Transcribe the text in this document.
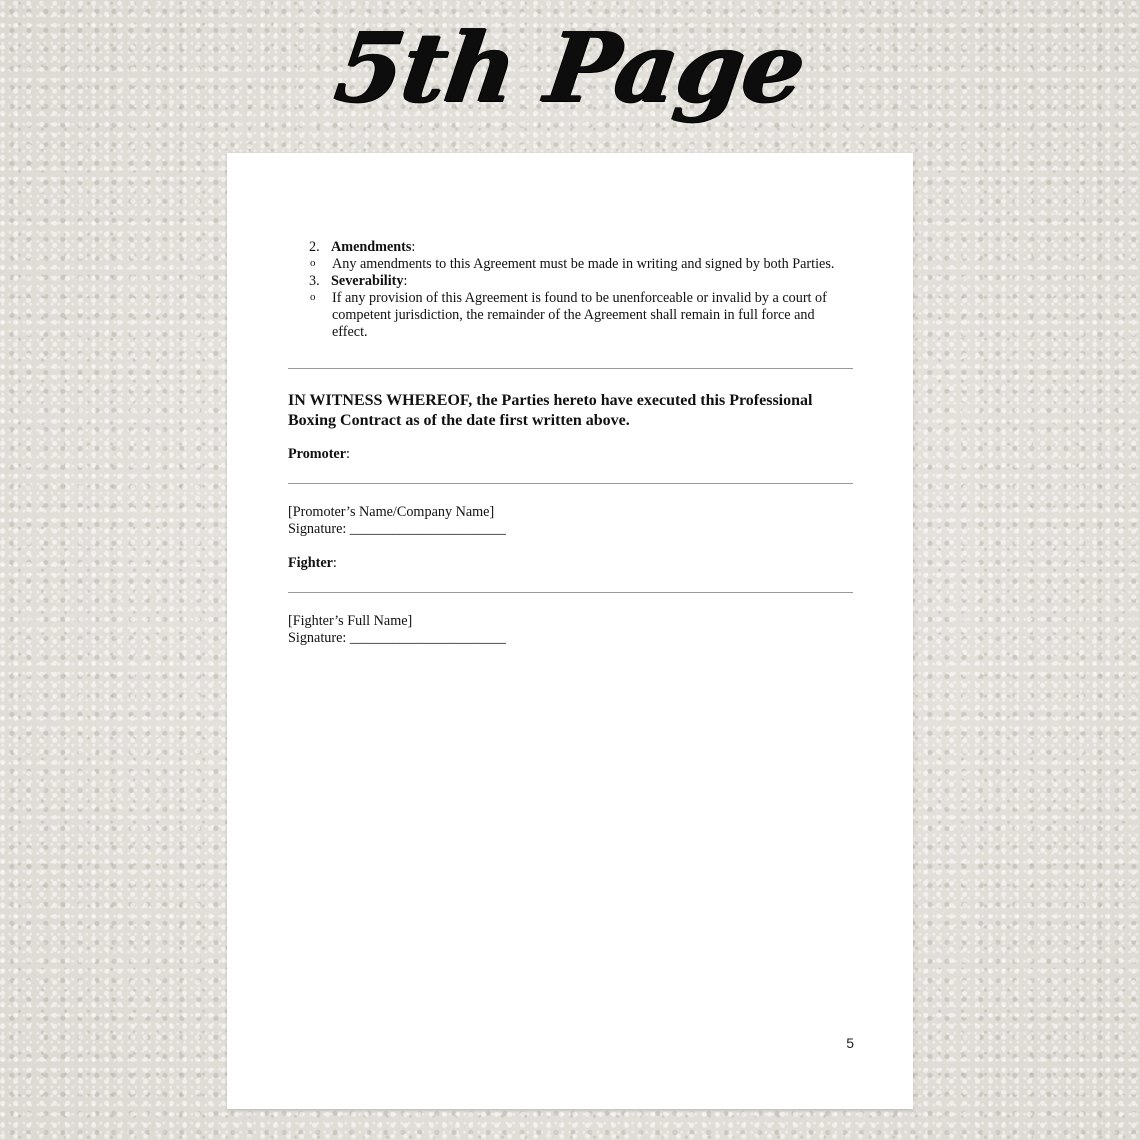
5th Page
2. Amendments:
o Any amendments to this Agreement must be made in writing and signed by both Parties.
3. Severability:
o If any provision of this Agreement is found to be unenforceable or invalid by a court of competent jurisdiction, the remainder of the Agreement shall remain in full force and effect.
IN WITNESS WHEREOF, the Parties hereto have executed this Professional Boxing Contract as of the date first written above.
Promoter:
[Promoter’s Name/Company Name]
Signature: ______________________
Fighter:
[Fighter’s Full Name]
Signature: ______________________
5
